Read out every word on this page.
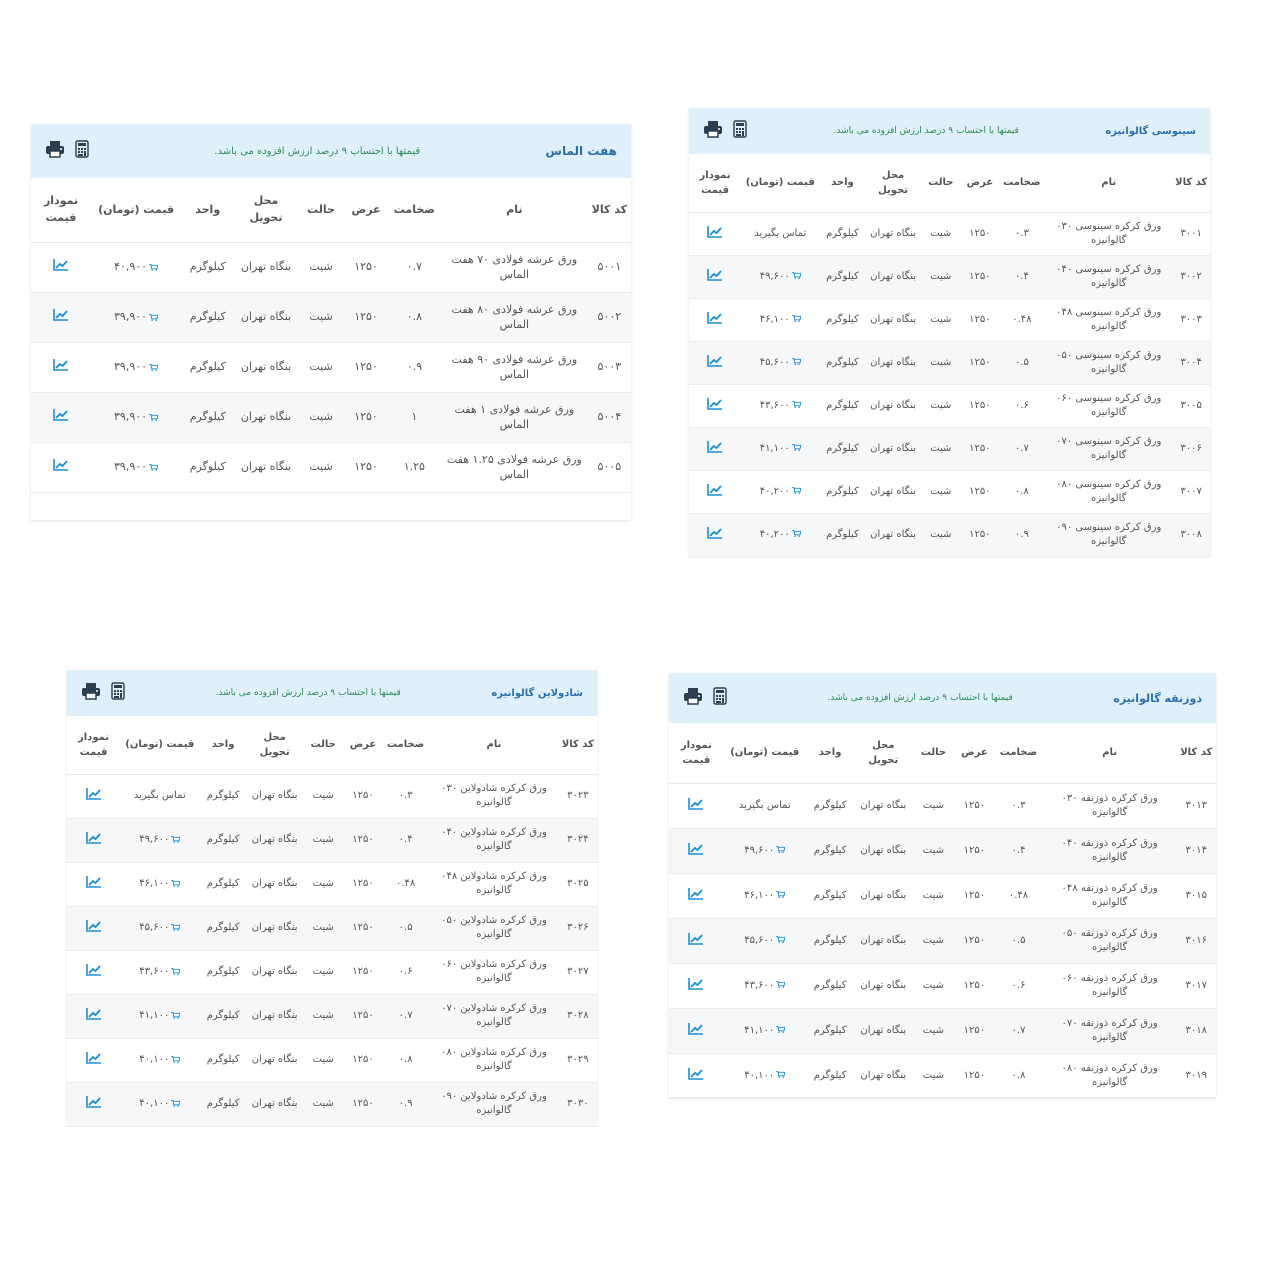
هفت الماس
قیمتها با احتساب ۹ درصد ارزش افزوده می باشد.
کد کالا	نام	ضخامت	عرض	حالت	محل تحویل	واحد	قیمت (تومان)	نمودار قیمت
۵۰۰۱	ورق عرشه فولادی ۷۰ هفت الماس	۰.۷	۱۲۵۰	شیت	بنگاه تهران	کیلوگرم	۴۰,۹۰۰	
۵۰۰۲	ورق عرشه فولادی ۸۰ هفت الماس	۰.۸	۱۲۵۰	شیت	بنگاه تهران	کیلوگرم	۳۹,۹۰۰	
۵۰۰۳	ورق عرشه فولادی ۹۰ هفت الماس	۰.۹	۱۲۵۰	شیت	بنگاه تهران	کیلوگرم	۳۹,۹۰۰	
۵۰۰۴	ورق عرشه فولادی ۱ هفت الماس	۱	۱۲۵۰	شیت	بنگاه تهران	کیلوگرم	۳۹,۹۰۰	
۵۰۰۵	ورق عرشه فولادی ۱.۲۵ هفت الماس	۱.۲۵	۱۲۵۰	شیت	بنگاه تهران	کیلوگرم	۳۹,۹۰۰	
سینوسی گالوانیزه
قیمتها با احتساب ۹ درصد ارزش افزوده می باشد.
کد کالا	نام	ضخامت	عرض	حالت	محل تحویل	واحد	قیمت (تومان)	نمودار قیمت
۳۰۰۱	ورق کرکره سینوسی ۰۳۰ گالوانیزه	۰.۳	۱۲۵۰	شیت	بنگاه تهران	کیلوگرم	تماس بگیرید	
۳۰۰۲	ورق کرکره سینوسی ۰۴۰ گالوانیزه	۰.۴	۱۲۵۰	شیت	بنگاه تهران	کیلوگرم	۴۹,۶۰۰	
۳۰۰۳	ورق کرکره سینوسی ۰۴۸ گالوانیزه	۰.۴۸	۱۲۵۰	شیت	بنگاه تهران	کیلوگرم	۴۶,۱۰۰	
۳۰۰۴	ورق کرکره سینوسی ۰۵۰ گالوانیزه	۰.۵	۱۲۵۰	شیت	بنگاه تهران	کیلوگرم	۴۵,۶۰۰	
۳۰۰۵	ورق کرکره سینوسی ۰۶۰ گالوانیزه	۰.۶	۱۲۵۰	شیت	بنگاه تهران	کیلوگرم	۴۳,۶۰۰	
۳۰۰۶	ورق کرکره سینوسی ۰۷۰ گالوانیزه	۰.۷	۱۲۵۰	شیت	بنگاه تهران	کیلوگرم	۴۱,۱۰۰	
۳۰۰۷	ورق کرکره سینوسی ۰۸۰ گالوانیزه	۰.۸	۱۲۵۰	شیت	بنگاه تهران	کیلوگرم	۴۰,۲۰۰	
۳۰۰۸	ورق کرکره سینوسی ۰۹۰ گالوانیزه	۰.۹	۱۲۵۰	شیت	بنگاه تهران	کیلوگرم	۴۰,۲۰۰	
شادولاین گالوانیزه
قیمتها با احتساب ۹ درصد ارزش افزوده می باشد.
کد کالا	نام	ضخامت	عرض	حالت	محل تحویل	واحد	قیمت (تومان)	نمودار قیمت
۳۰۲۳	ورق کرکره شادولاین ۰۳۰ گالوانیزه	۰.۳	۱۲۵۰	شیت	بنگاه تهران	کیلوگرم	تماس بگیرید	
۳۰۲۴	ورق کرکره شادولاین ۰۴۰ گالوانیزه	۰.۴	۱۲۵۰	شیت	بنگاه تهران	کیلوگرم	۴۹,۶۰۰	
۳۰۲۵	ورق کرکره شادولاین ۰۴۸ گالوانیزه	۰.۴۸	۱۲۵۰	شیت	بنگاه تهران	کیلوگرم	۴۶,۱۰۰	
۳۰۲۶	ورق کرکره شادولاین ۰۵۰ گالوانیزه	۰.۵	۱۲۵۰	شیت	بنگاه تهران	کیلوگرم	۴۵,۶۰۰	
۳۰۲۷	ورق کرکره شادولاین ۰۶۰ گالوانیزه	۰.۶	۱۲۵۰	شیت	بنگاه تهران	کیلوگرم	۴۳,۶۰۰	
۳۰۲۸	ورق کرکره شادولاین ۰۷۰ گالوانیزه	۰.۷	۱۲۵۰	شیت	بنگاه تهران	کیلوگرم	۴۱,۱۰۰	
۳۰۲۹	ورق کرکره شادولاین ۰۸۰ گالوانیزه	۰.۸	۱۲۵۰	شیت	بنگاه تهران	کیلوگرم	۴۰,۱۰۰	
۳۰۳۰	ورق کرکره شادولاین ۰۹۰ گالوانیزه	۰.۹	۱۲۵۰	شیت	بنگاه تهران	کیلوگرم	۴۰,۱۰۰	
ذوزنقه گالوانیزه
قیمتها با احتساب ۹ درصد ارزش افزوده می باشد.
کد کالا	نام	ضخامت	عرض	حالت	محل تحویل	واحد	قیمت (تومان)	نمودار قیمت
۳۰۱۳	ورق کرکره ذوزنقه ۰۳۰ گالوانیزه	۰.۳	۱۲۵۰	شیت	بنگاه تهران	کیلوگرم	تماس بگیرید	
۳۰۱۴	ورق کرکره ذوزنقه ۰۴۰ گالوانیزه	۰.۴	۱۲۵۰	شیت	بنگاه تهران	کیلوگرم	۴۹,۶۰۰	
۳۰۱۵	ورق کرکره ذوزنقه ۰۴۸ گالوانیزه	۰.۴۸	۱۲۵۰	شیت	بنگاه تهران	کیلوگرم	۴۶,۱۰۰	
۳۰۱۶	ورق کرکره ذوزنقه ۰۵۰ گالوانیزه	۰.۵	۱۲۵۰	شیت	بنگاه تهران	کیلوگرم	۴۵,۶۰۰	
۳۰۱۷	ورق کرکره ذوزنقه ۰۶۰ گالوانیزه	۰.۶	۱۲۵۰	شیت	بنگاه تهران	کیلوگرم	۴۳,۶۰۰	
۳۰۱۸	ورق کرکره ذوزنقه ۰۷۰ گالوانیزه	۰.۷	۱۲۵۰	شیت	بنگاه تهران	کیلوگرم	۴۱,۱۰۰	
۳۰۱۹	ورق کرکره ذوزنقه ۰۸۰ گالوانیزه	۰.۸	۱۲۵۰	شیت	بنگاه تهران	کیلوگرم	۴۰,۱۰۰	
